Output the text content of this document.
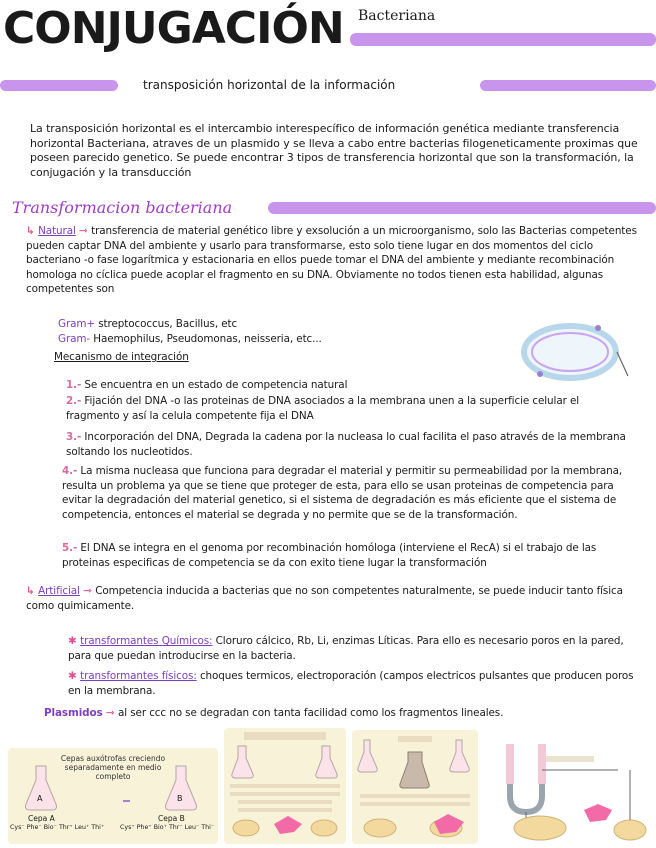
CONJUGACIÓN Bacteriana
transposición horizontal de la información
La transposición horizontal es el intercambio interespecífico de información genética mediante transferencia horizontal Bacteriana, atraves de un plasmido y se lleva a cabo entre bacterias filogeneticamente proximas que poseen parecido genetico. Se puede encontrar 3 tipos de transferencia horizontal que son la transformación, la conjugación y la transducción
Transformacion bacteriana
↳ Natural ⇾ transferencia de material genético libre y exsolución a un microorganismo, solo las Bacterias competentes pueden captar DNA del ambiente y usarlo para transformarse, esto solo tiene lugar en dos momentos del ciclo bacteriano -o fase logarítmica y estacionaria en ellos puede tomar el DNA del ambiente y mediante recombinación homologa no cíclica puede acoplar el fragmento en su DNA. Obviamente no todos tienen esta habilidad, algunas competentes son
Gram+ streptococcus, Bacillus, etc
Gram- Haemophilus, Pseudomonas, neisseria, etc...
Mecanismo de integración
1.- Se encuentra en un estado de competencia natural
2.- Fijación del DNA -o las proteinas de DNA asociados a la membrana unen a la superficie celular el fragmento y así la celula competente fija el DNA
3.- Incorporación del DNA, Degrada la cadena por la nucleasa lo cual facilita el paso através de la membrana soltando los nucleotidos.
4.- La misma nucleasa que funciona para degradar el material y permitir su permeabilidad por la membrana, resulta un problema ya que se tiene que proteger de esta, para ello se usan proteinas de competencia para evitar la degradación del material genetico, si el sistema de degradación es más eficiente que el sistema de competencia, entonces el material se degrada y no permite que se de la transformación.
5.- El DNA se integra en el genoma por recombinación homóloga (interviene el RecA) si el trabajo de las proteinas especificas de competencia se da con exito tiene lugar la transformación
↳ Artificial ⇾ Competencia inducida a bacterias que no son competentes naturalmente, se puede inducir tanto física como quimicamente.
✱ transformantes Químicos: Cloruro cálcico, Rb, Li, enzimas Líticas. Para ello es necesario poros en la pared, para que puedan introducirse en la bacteria.
✱ transformantes físicos: choques termicos, electroporación (campos electricos pulsantes que producen poros en la membrana.
Plasmidos ⇾ al ser ccc no se degradan con tanta facilidad como los fragmentos lineales.
Cepas auxótrofas creciendo separadamente en medio completo
A	B
Cepa A	Cepa B
Cys⁻ Phe⁻ Bio⁻ Thr⁺ Leu⁺ Thi⁺	Cys⁺ Phe⁺ Bio⁺ Thr⁻ Leu⁻ Thi⁻
